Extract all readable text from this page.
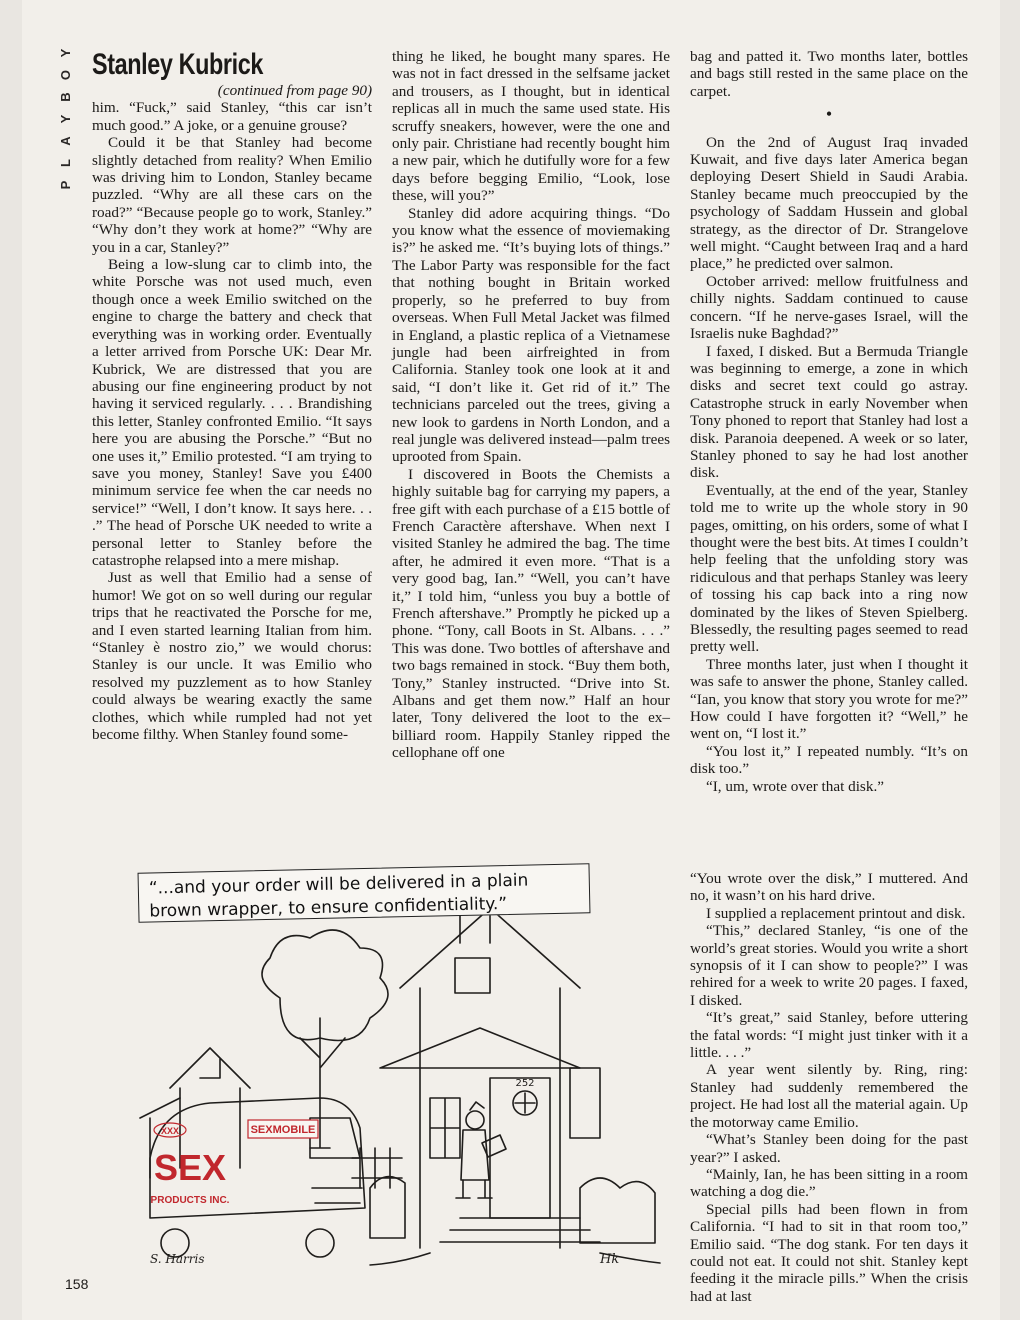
Y
O
B
Y
A
L
P
Stanley Kubrick

(continued from page 90)

him. “Fuck,” said Stanley, “this car isn’t much good.” A joke, or a genuine grouse?

Could it be that Stanley had become slightly detached from reality? When Emilio was driving him to London, Stanley became puzzled. “Why are all these cars on the road?” “Because people go to work, Stanley.” “Why don’t they work at home?” “Why are you in a car, Stanley?”

Being a low-slung car to climb into, the white Porsche was not used much, even though once a week Emilio switched on the engine to charge the battery and check that everything was in working order. Eventually a letter arrived from Porsche UK: Dear Mr. Kubrick, We are distressed that you are abusing our fine engineering product by not having it serviced regularly. . . . Brandishing this letter, Stanley confronted Emilio. “It says here you are abusing the Porsche.” “But no one uses it,” Emilio protested. “I am trying to save you money, Stanley! Save you £400 minimum service fee when the car needs no service!” “Well, I don’t know. It says here. . . .” The head of Porsche UK needed to write a personal letter to Stanley before the catastrophe relapsed into a mere mishap.

Just as well that Emilio had a sense of humor! We got on so well during our regular trips that he reactivated the Porsche for me, and I even started learning Italian from him. “Stanley è nostro zio,” we would chorus: Stanley is our uncle. It was Emilio who resolved my puzzlement as to how Stanley could always be wearing exactly the same clothes, which while rumpled had not yet become filthy. When Stanley found some-

thing he liked, he bought many spares. He was not in fact dressed in the selfsame jacket and trousers, as I thought, but in identical replicas all in much the same used state. His scruffy sneakers, however, were the one and only pair. Christiane had recently bought him a new pair, which he dutifully wore for a few days before begging Emilio, “Look, lose these, will you?”

Stanley did adore acquiring things. “Do you know what the essence of moviemaking is?” he asked me. “It’s buying lots of things.” The Labor Party was responsible for the fact that nothing bought in Britain worked properly, so he preferred to buy from overseas. When Full Metal Jacket was filmed in England, a plastic replica of a Vietnamese jungle had been airfreighted in from California. Stanley took one look at it and said, “I don’t like it. Get rid of it.” The technicians parceled out the trees, giving a new look to gardens in North London, and a real jungle was delivered instead—palm trees uprooted from Spain.

I discovered in Boots the Chemists a highly suitable bag for carrying my papers, a free gift with each purchase of a £15 bottle of French Caractère aftershave. When next I visited Stanley he admired the bag. The time after, he admired it even more. “That is a very good bag, Ian.” “Well, you can’t have it,” I told him, “unless you buy a bottle of French aftershave.” Promptly he picked up a phone. “Tony, call Boots in St. Albans. . . .” This was done. Two bottles of aftershave and two bags remained in stock. “Buy them both, Tony,” Stanley instructed. “Drive into St. Albans and get them now.” Half an hour later, Tony delivered the loot to the ex–billiard room. Happily Stanley ripped the cellophane off one

bag and patted it. Two months later, bottles and bags still rested in the same place on the carpet.

•

On the 2nd of August Iraq invaded Kuwait, and five days later America began deploying Desert Shield in Saudi Arabia. Stanley became much preoccupied by the psychology of Saddam Hussein and global strategy, as the director of Dr. Strangelove well might. “Caught between Iraq and a hard place,” he predicted over salmon.

October arrived: mellow fruitfulness and chilly nights. Saddam continued to cause concern. “If he nerve-gases Israel, will the Israelis nuke Baghdad?”

I faxed, I disked. But a Bermuda Triangle was beginning to emerge, a zone in which disks and secret text could go astray. Catastrophe struck in early November when Tony phoned to report that Stanley had lost a disk. Paranoia deepened. A week or so later, Stanley phoned to say he had lost another disk.

Eventually, at the end of the year, Stanley told me to write up the whole story in 90 pages, omitting, on his orders, some of what I thought were the best bits. At times I couldn’t help feeling that the unfolding story was ridiculous and that perhaps Stanley was leery of tossing his cap back into a ring now dominated by the likes of Steven Spielberg. Blessedly, the resulting pages seemed to read pretty well.

Three months later, just when I thought it was safe to answer the phone, Stanley called. “Ian, you know that story you wrote for me?” How could I have forgotten it? “Well,” he went on, “I lost it.”

“You lost it,” I repeated numbly. “It’s on disk too.”

“I, um, wrote over that disk.”

“You wrote over the disk,” I muttered. And no, it wasn’t on his hard drive.

I supplied a replacement printout and disk.

“This,” declared Stanley, “is one of the world’s great stories. Would you write a short synopsis of it I can show to people?” I was rehired for a week to write 20 pages. I faxed, I disked.

“It’s great,” said Stanley, before uttering the fatal words: “I might just tinker with it a little. . . .”

A year went silently by. Ring, ring: Stanley had suddenly remembered the project. He had lost all the material again. Up the motorway came Emilio.

“What’s Stanley been doing for the past year?” I asked.

“Mainly, Ian, he has been sitting in a room watching a dog die.”

Special pills had been flown in from California. “I had to sit in that room too,” Emilio said. “The dog stank. For ten days it could not eat. It could not shit. Stanley kept feeding it the miracle pills.” When the crisis had at last

SEXMOBILE
XXX
SEX
PRODUCTS INC.
252
S. Harris	Hk
“...and your order will be delivered in a plain brown wrapper, to ensure confidentiality.”
158
